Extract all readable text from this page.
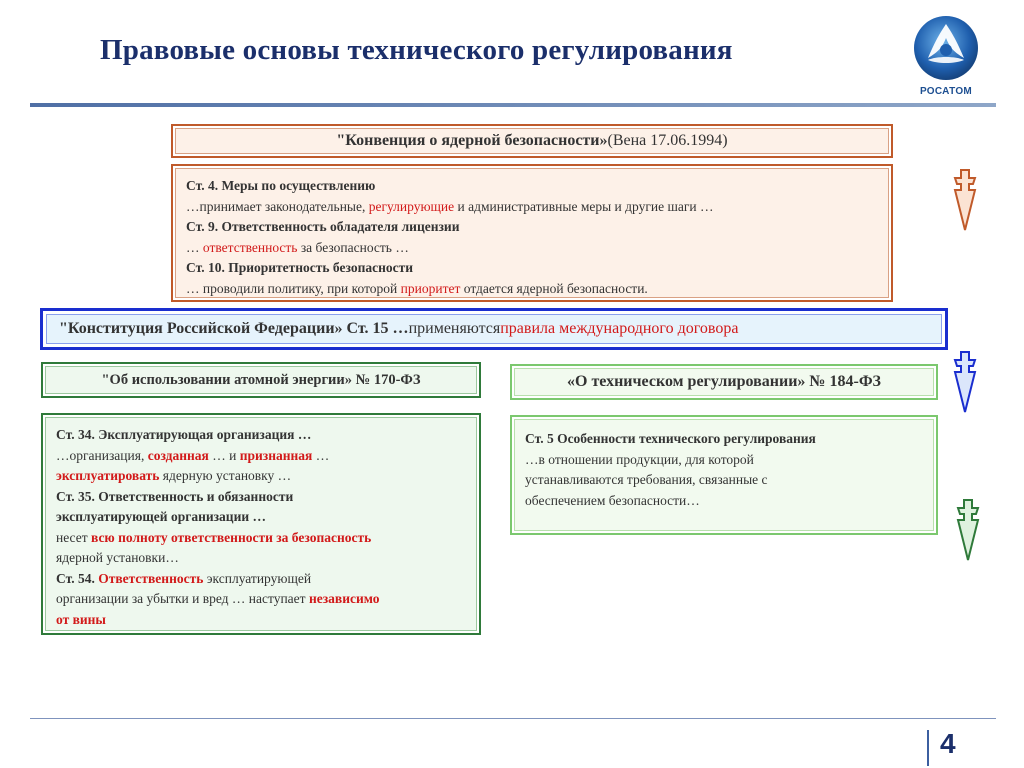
Правовые основы технического регулирования
РОСАТОМ
"Конвенция о ядерной безопасности» (Вена 17.06.1994)
Ст. 4. Меры по осуществлению
…принимает законодательные, регулирующие и административные меры и другие шаги …
Ст. 9. Ответственность обладателя лицензии
… ответственность за безопасность …
Ст. 10. Приоритетность безопасности
… проводили политику, при которой приоритет отдается ядерной безопасности.
"Конституция Российской Федерации» Ст. 15 … применяются правила международного договора
"Об использовании атомной энергии» № 170-ФЗ	«О техническом регулировании» № 184-ФЗ
Ст. 34. Эксплуатирующая организация …
…организация, созданная … и признанная …
эксплуатировать ядерную установку …
Ст. 35. Ответственность и обязанности
эксплуатирующей организации …
несет всю полноту ответственности за безопасность
ядерной установки…
Ст. 54. Ответственность эксплуатирующей
организации за убытки и вред … наступает независимо
от вины
Ст. 5 Особенности технического регулирования
…в отношении продукции, для которой
устанавливаются требования, связанные с
обеспечением безопасности…
4
